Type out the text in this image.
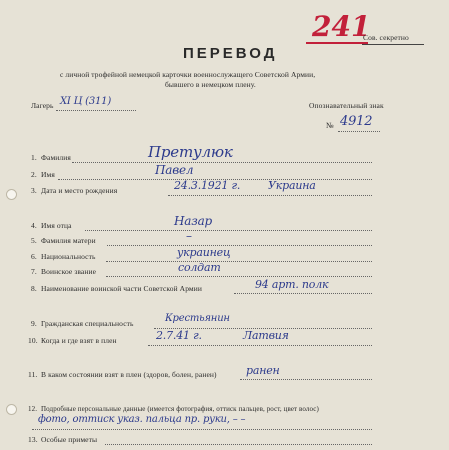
241
Сов. секретно
ПЕРЕВОД
с личной трофейной немецкой карточки военнослужащего Советской Армии,
бывшего в немецком плену.
Лагерь XI Ц (311)	Опознавательный знак
№ 4912
1. Фамилия	Претулюк
2. Имя	Павел
3. Дата и место рождения	24.3.1921 г.	Украина
4. Имя отца	Назар
5. Фамилия матери	–
6. Национальность	украинец
7. Воинское звание	солдат
8. Наименование воинской части Советской Армии	94 арт. полк
9. Гражданская специальность	Крестьянин
10. Когда и где взят в плен	2.7.41 г.	Латвия
11. В каком состоянии взят в плен (здоров, болен, ранен)	ранен
12. Подробные персональные данные (имеется фотография, оттиск пальцев, рост, цвет волос)
фото, оттиск указ. пальца пр. руки, – –
13. Особые приметы
